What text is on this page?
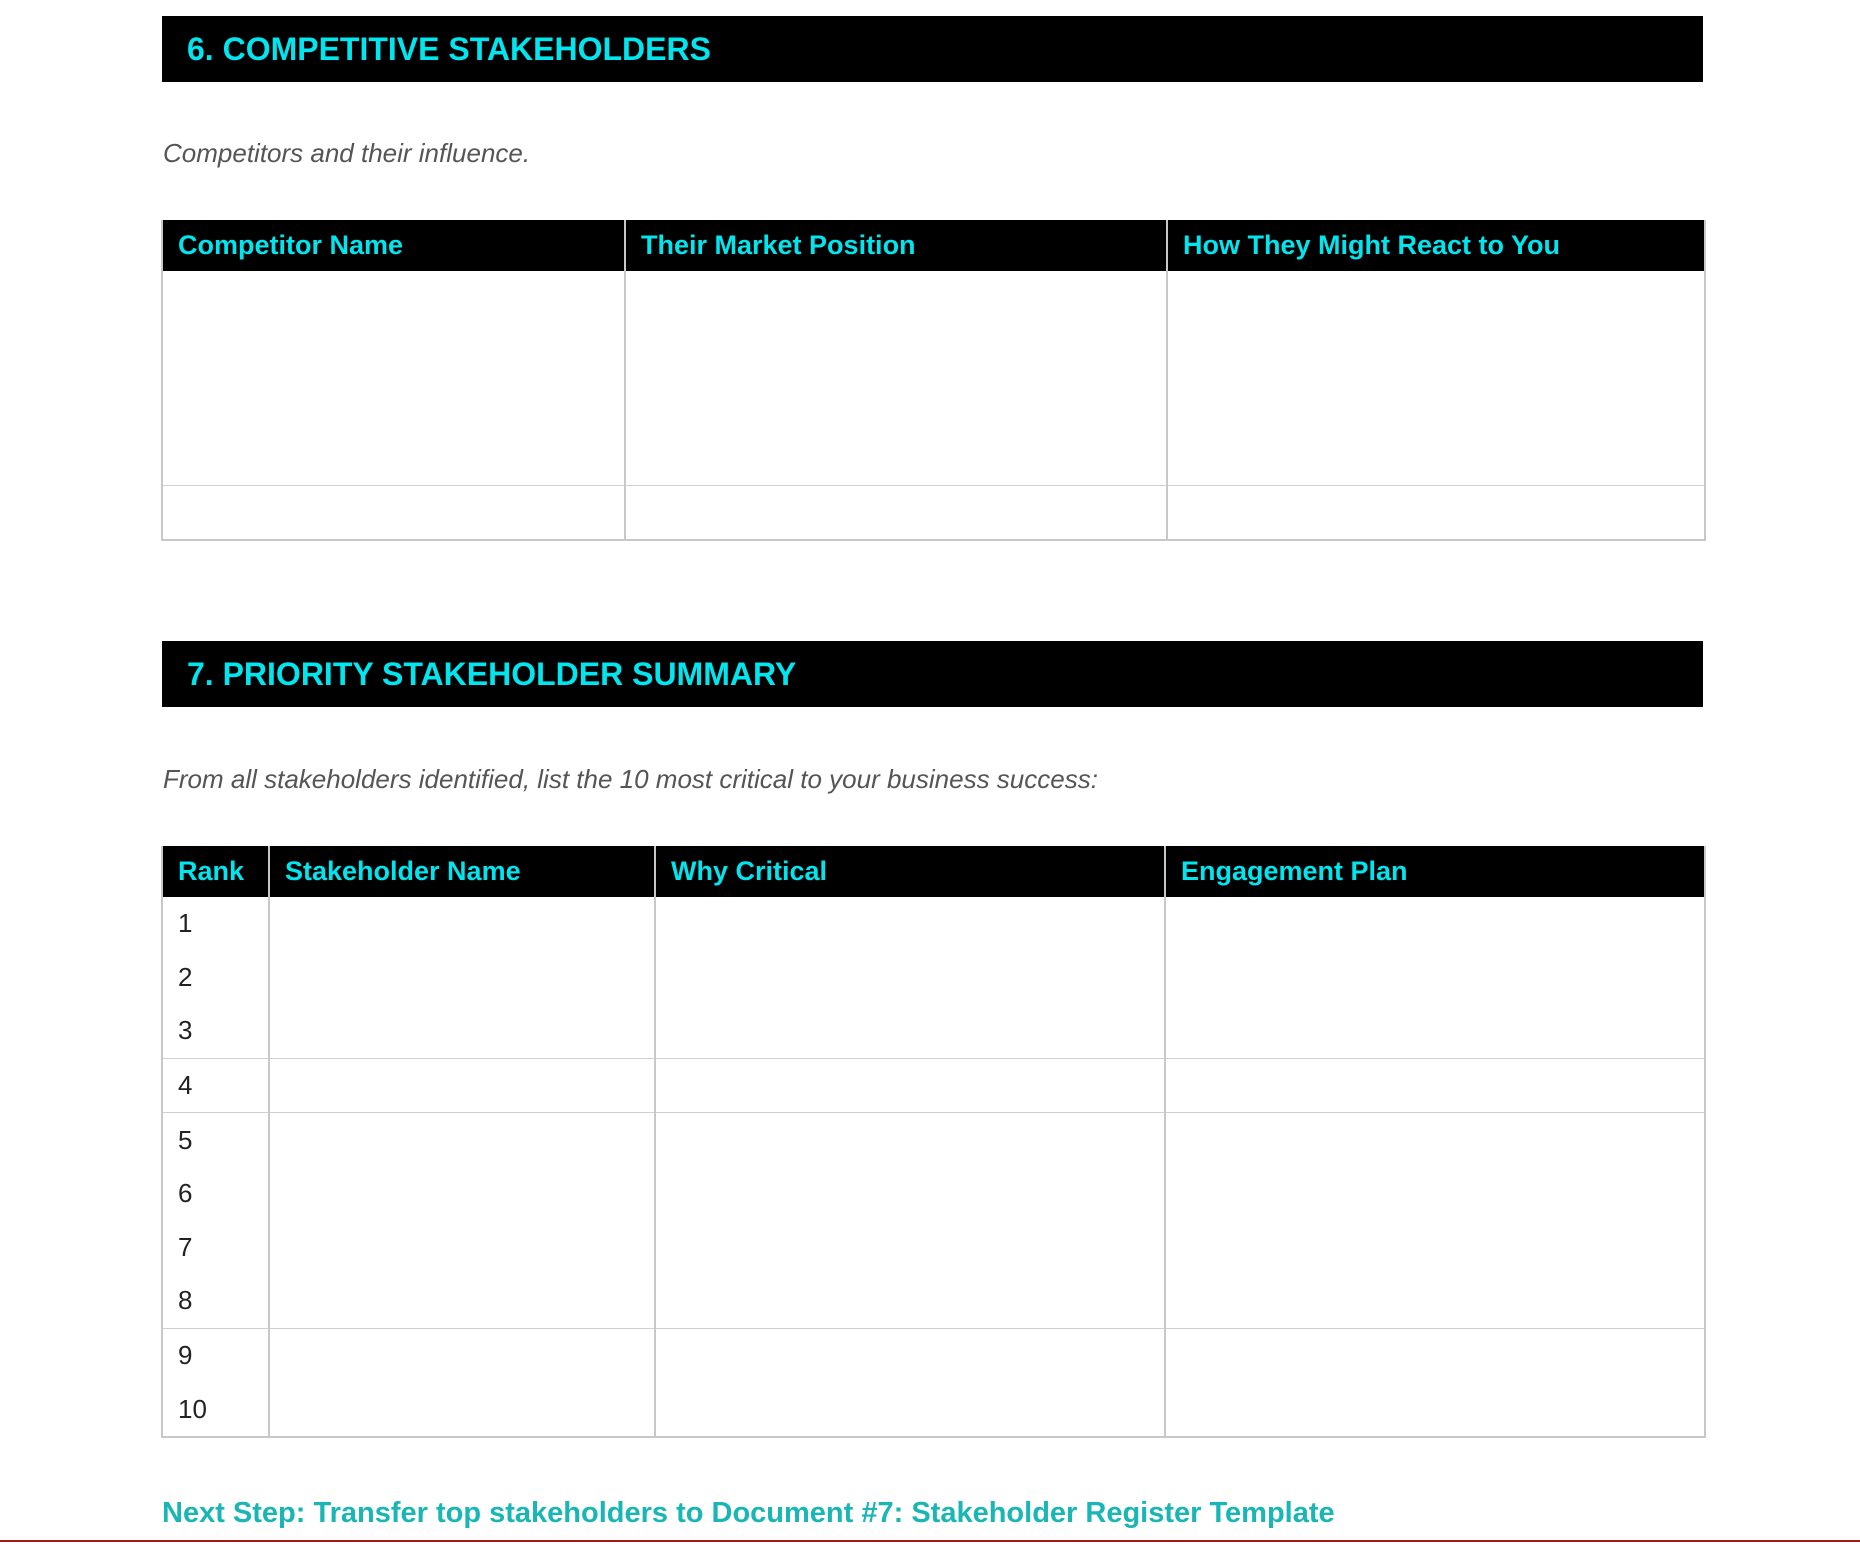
6. COMPETITIVE STAKEHOLDERS
Competitors and their influence.
Competitor Name	Their Market Position	How They Might React to You

7. PRIORITY STAKEHOLDER SUMMARY
From all stakeholders identified, list the 10 most critical to your business success:
Rank	Stakeholder Name	Why Critical	Engagement Plan
1			
2			
3			
4			
5			
6			
7			
8			
9			
10			
Next Step: Transfer top stakeholders to Document #7: Stakeholder Register Template
